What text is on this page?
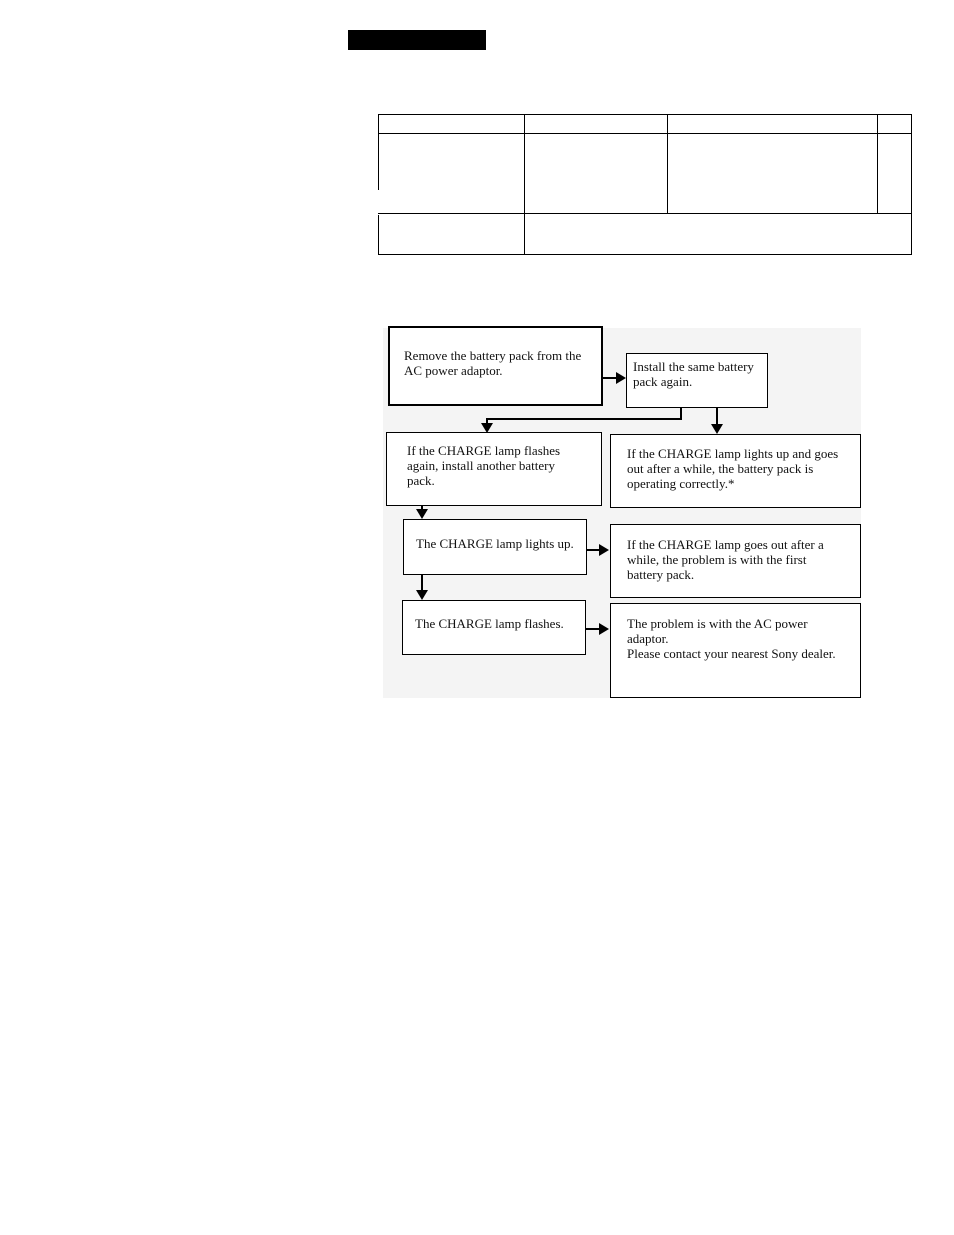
Remove the battery pack from the AC power adaptor.	Install the same battery pack again.
If the CHARGE lamp flashes again, install another battery pack.
If the CHARGE lamp lights up and goes out after a while, the battery pack is operating correctly.*
The CHARGE lamp lights up.	If the CHARGE lamp goes out after a while, the problem is with the first battery pack.
The CHARGE lamp flashes.	The problem is with the AC power adaptor.
Please contact your nearest Sony dealer.
